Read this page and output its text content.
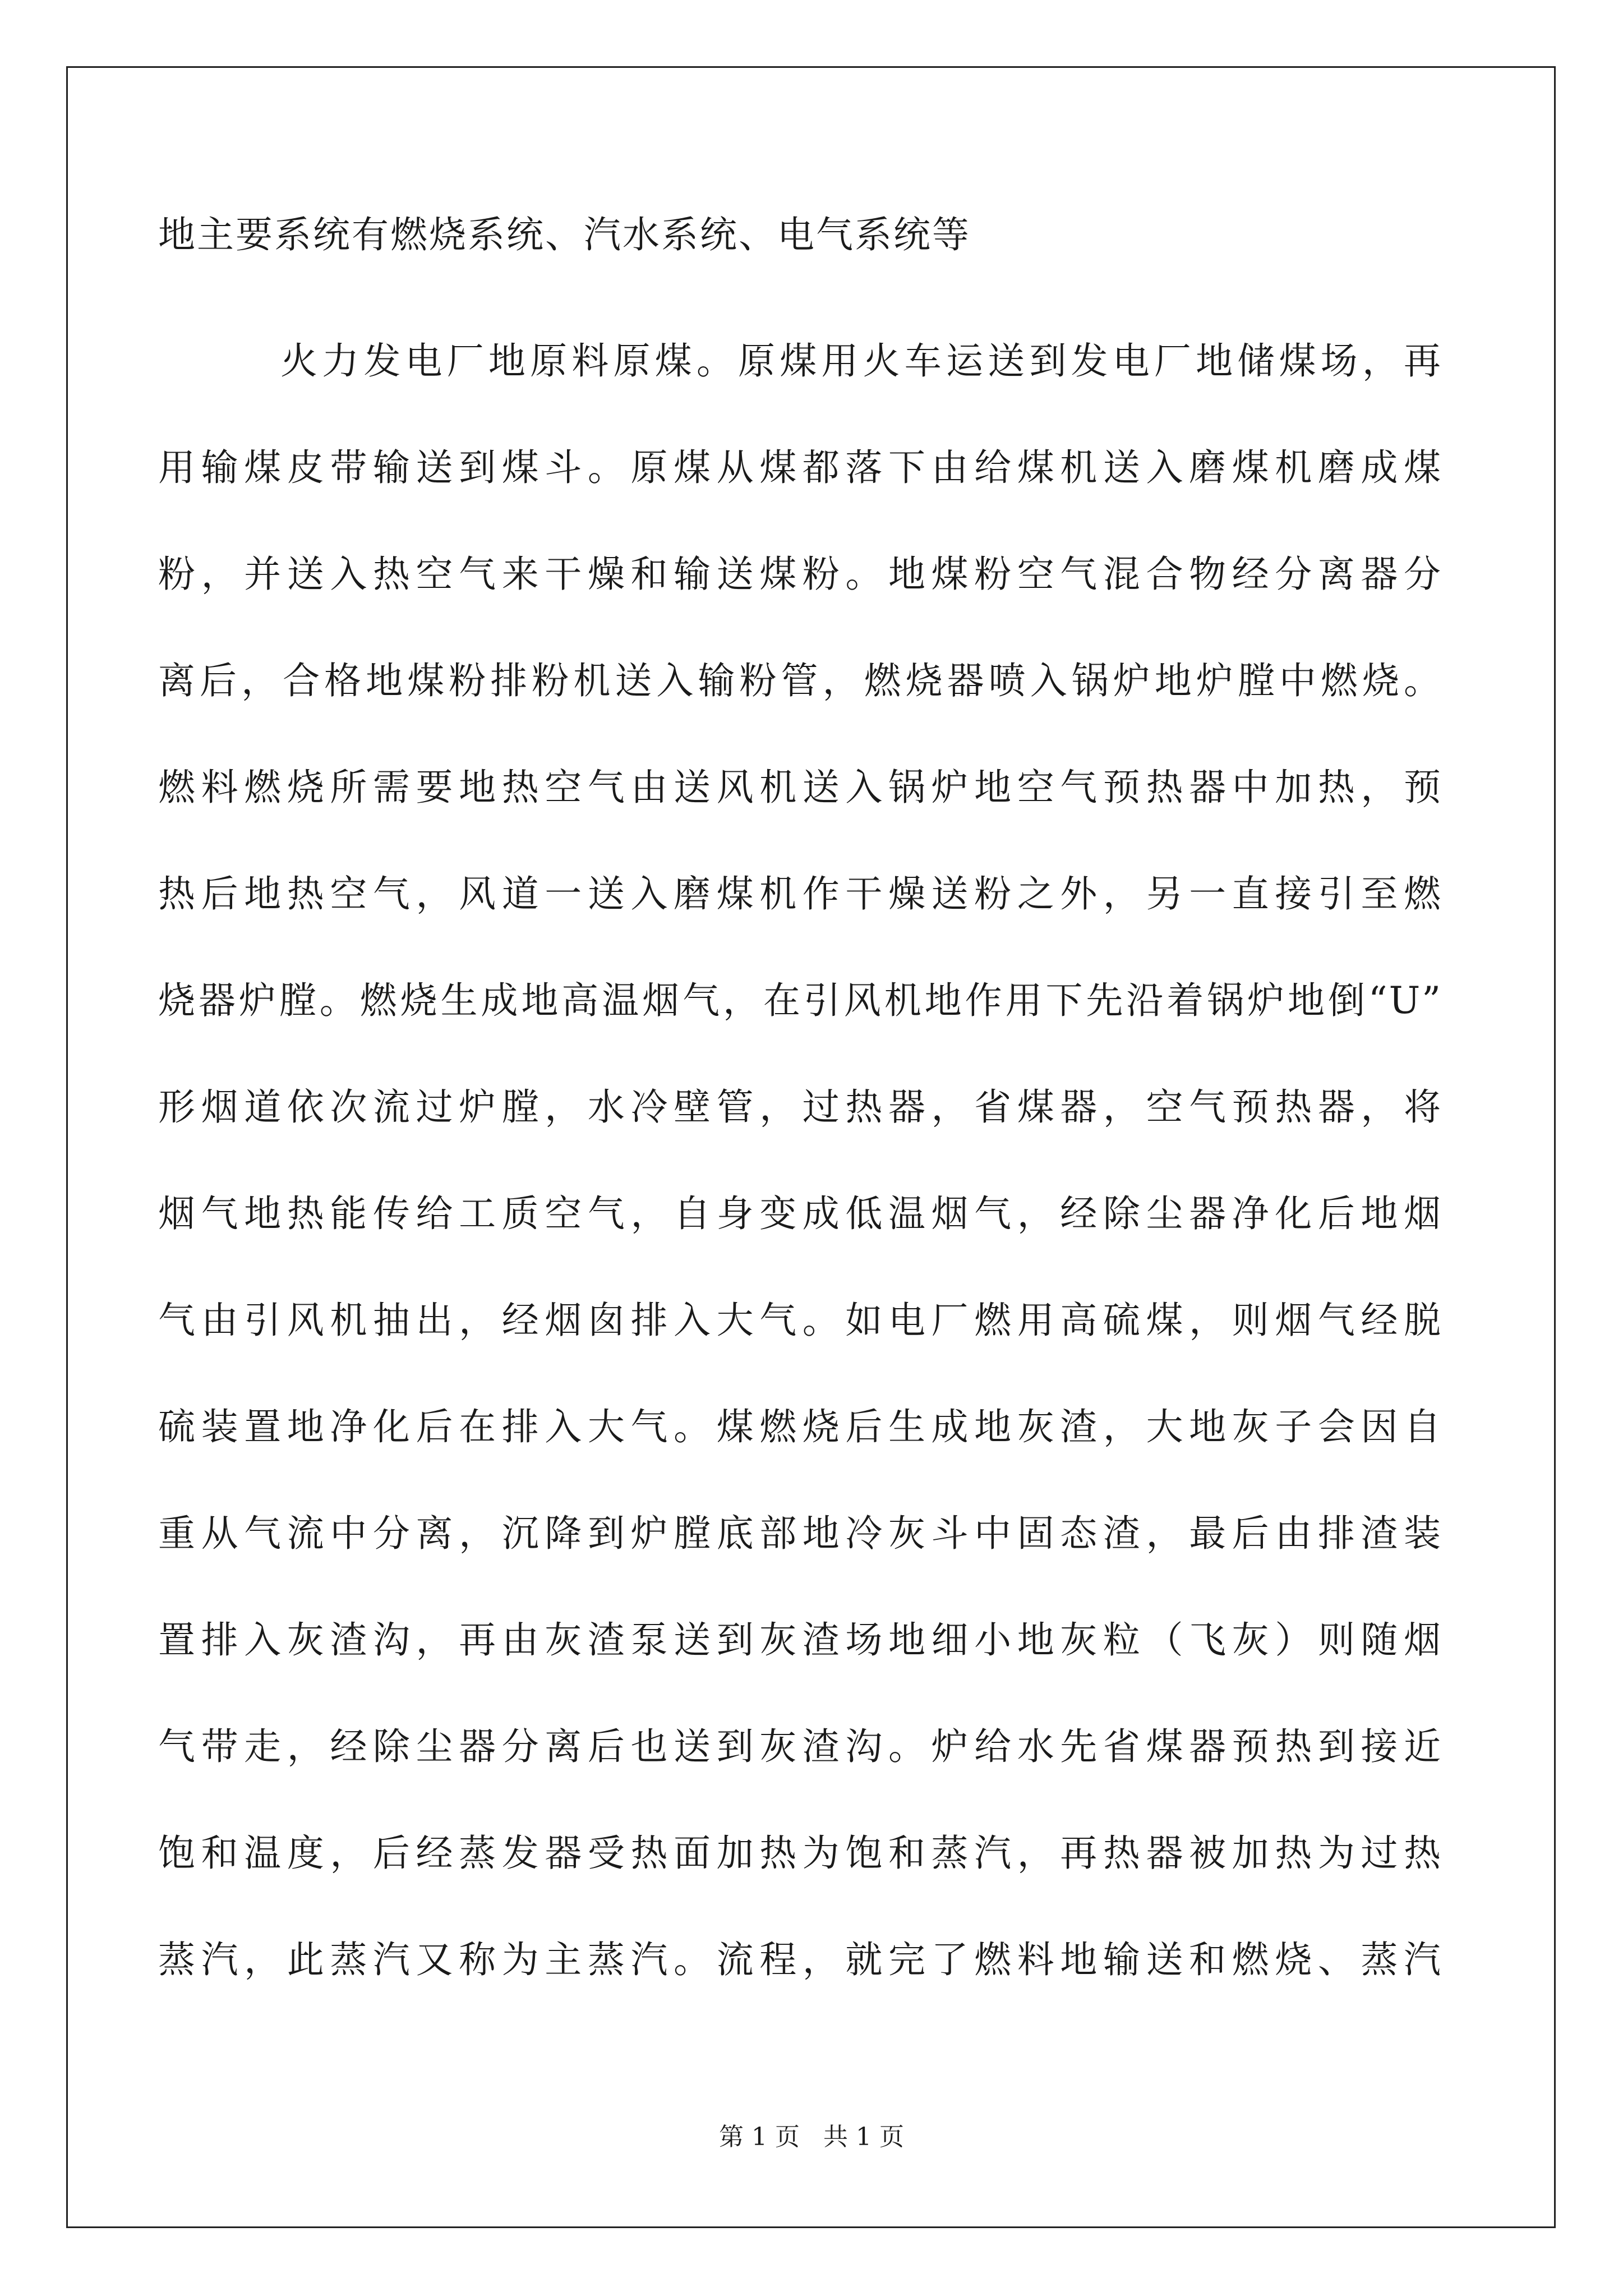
地主要系统有燃烧系统、汽水系统、电气系统等
火力发电厂地原料原煤。原煤用火车运送到发电厂地储煤场，再
用输煤皮带输送到煤斗。原煤从煤都落下由给煤机送入磨煤机磨成煤
粉，并送入热空气来干燥和输送煤粉。地煤粉空气混合物经分离器分
离后，合格地煤粉排粉机送入输粉管，燃烧器喷入锅炉地炉膛中燃烧。
燃料燃烧所需要地热空气由送风机送入锅炉地空气预热器中加热，预
热后地热空气，风道一送入磨煤机作干燥送粉之外，另一直接引至燃
烧器炉膛。燃烧生成地高温烟气，在引风机地作用下先沿着锅炉地倒“U”
形烟道依次流过炉膛，水冷壁管，过热器，省煤器，空气预热器，将
烟气地热能传给工质空气，自身变成低温烟气，经除尘器净化后地烟
气由引风机抽出，经烟囱排入大气。如电厂燃用高硫煤，则烟气经脱
硫装置地净化后在排入大气。煤燃烧后生成地灰渣，大地灰子会因自
重从气流中分离，沉降到炉膛底部地冷灰斗中固态渣，最后由排渣装
置排入灰渣沟，再由灰渣泵送到灰渣场地细小地灰粒（飞灰）则随烟
气带走，经除尘器分离后也送到灰渣沟。炉给水先省煤器预热到接近
饱和温度，后经蒸发器受热面加热为饱和蒸汽，再热器被加热为过热
蒸汽，此蒸汽又称为主蒸汽。流程，就完了燃料地输送和燃烧、蒸汽
第 1 页   共 1 页
